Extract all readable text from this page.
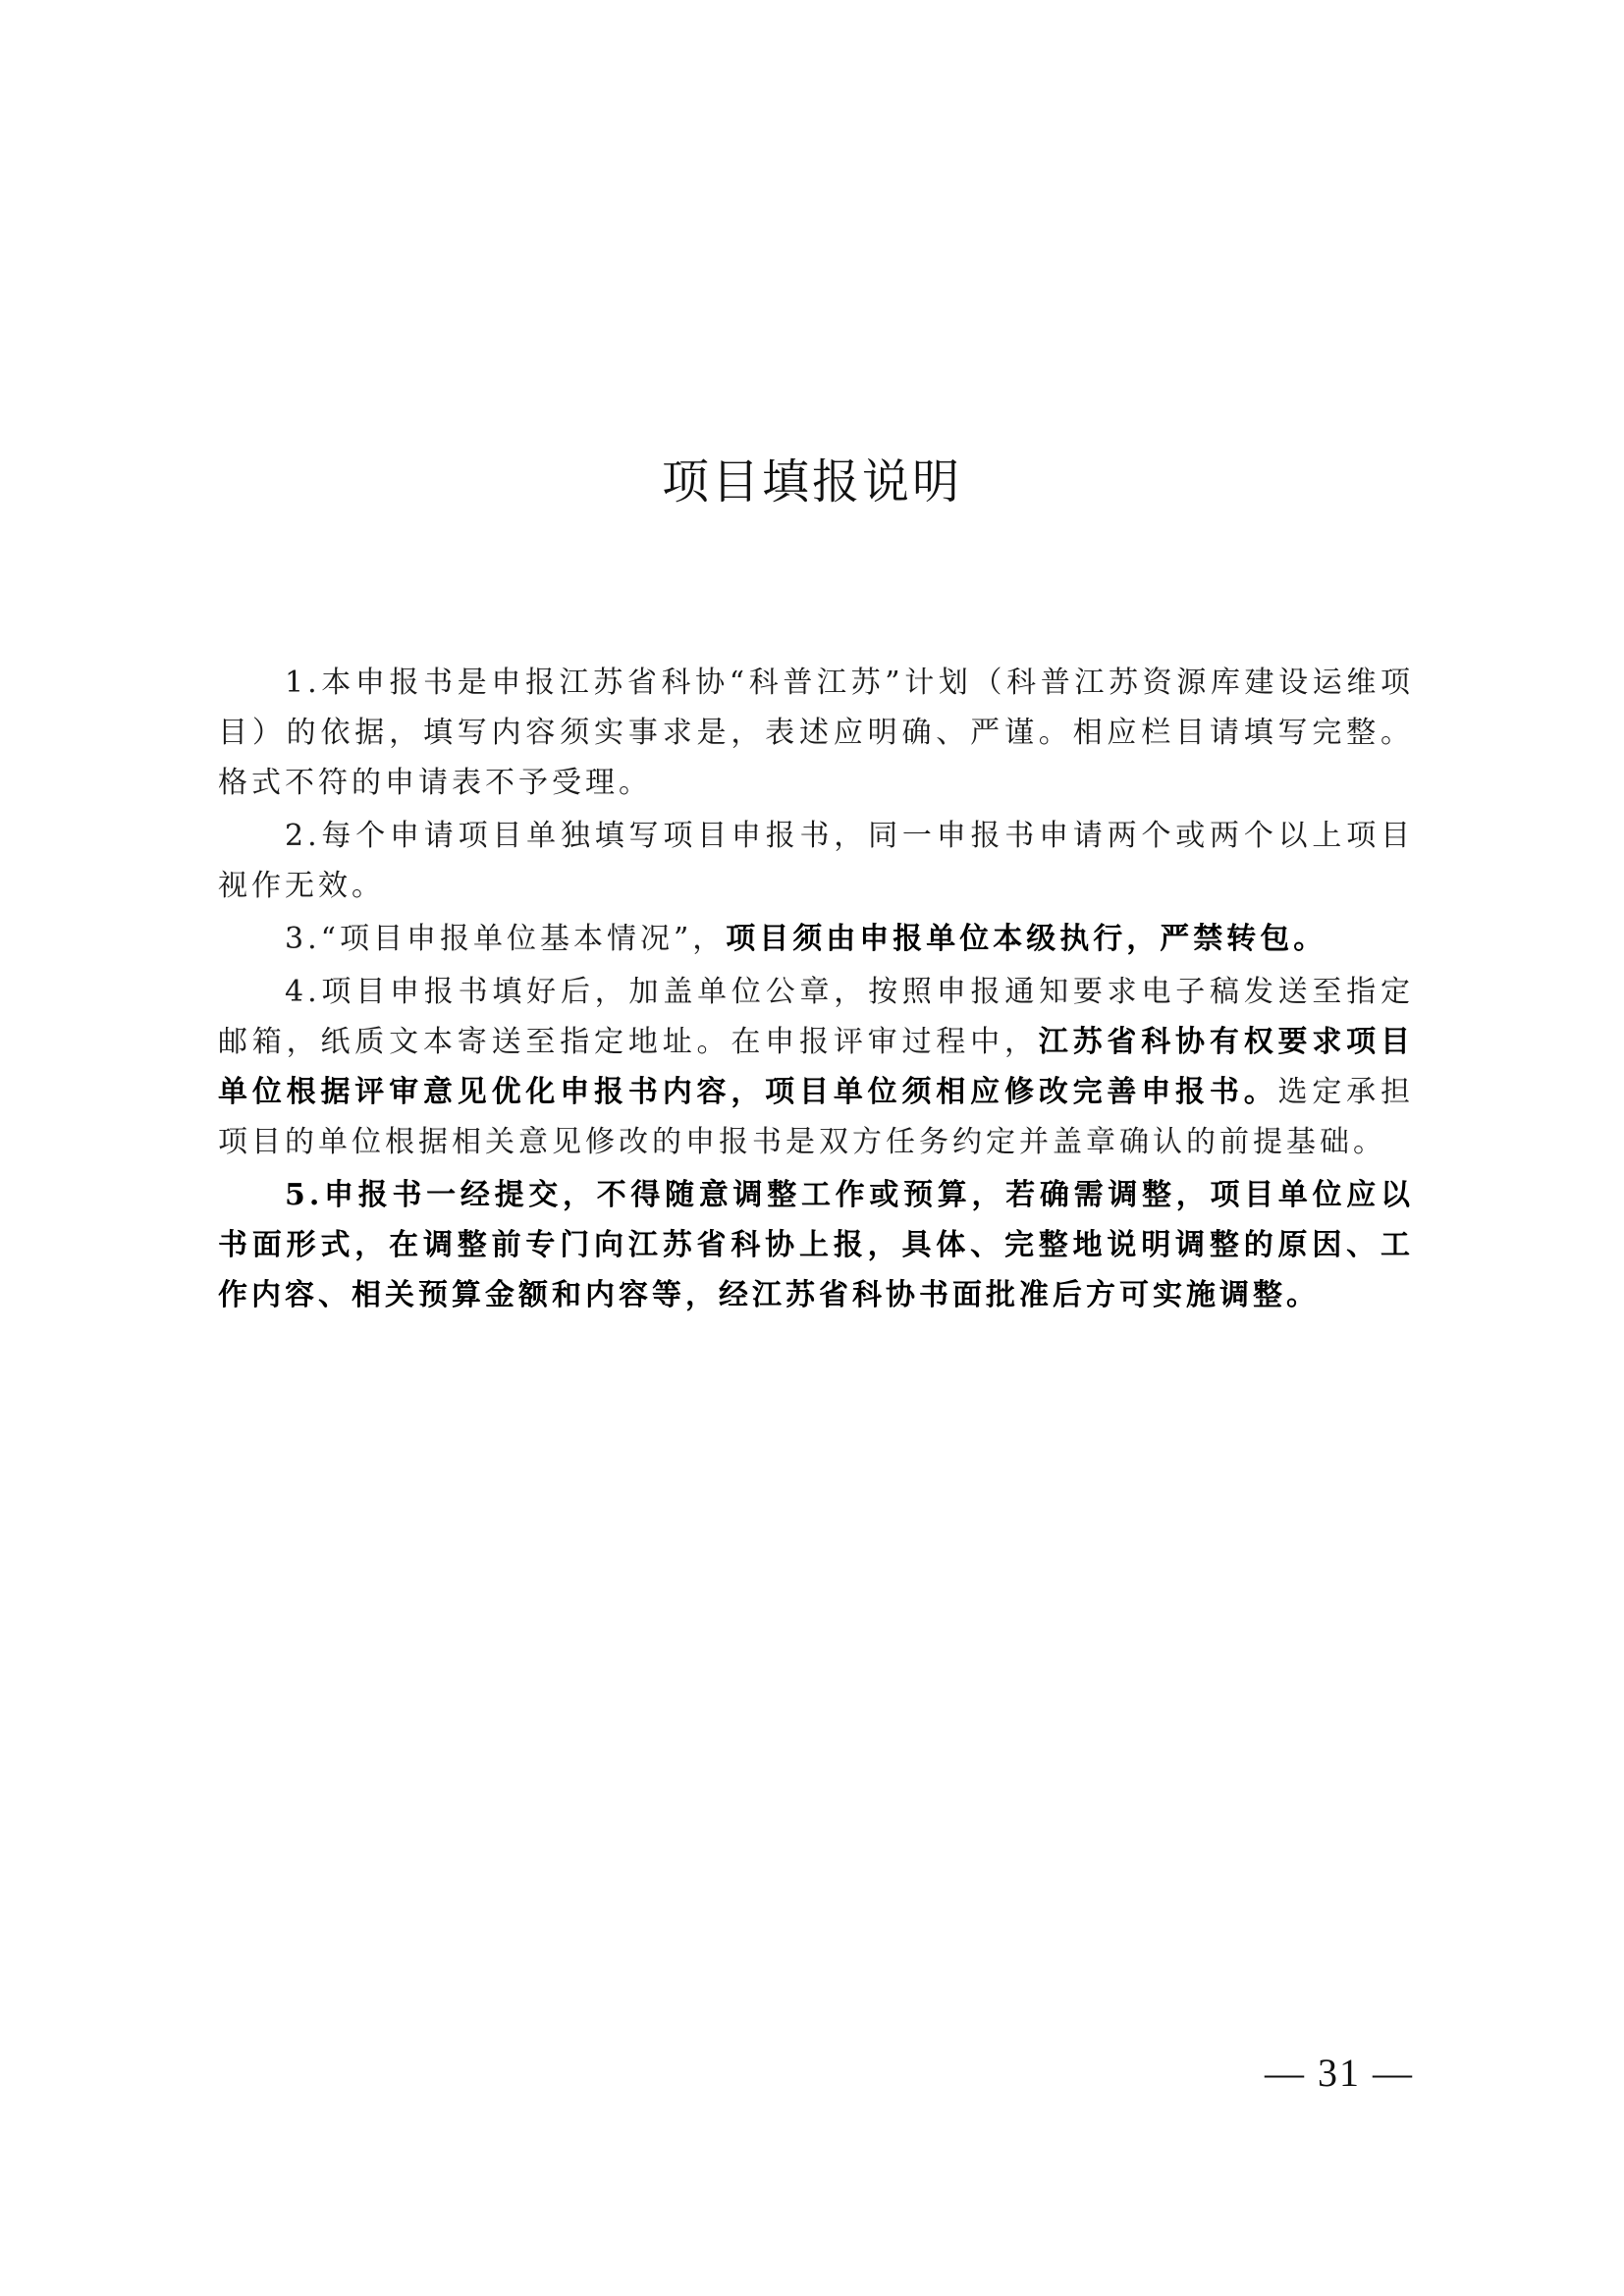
项目填报说明

1.本申报书是申报江苏省科协“科普江苏”计划（科普江苏资源库建设运维项目）的依据，填写内容须实事求是，表述应明确、严谨。相应栏目请填写完整。格式不符的申请表不予受理。

2.每个申请项目单独填写项目申报书，同一申报书申请两个或两个以上项目视作无效。

3.“项目申报单位基本情况”，项目须由申报单位本级执行，严禁转包。

4.项目申报书填好后，加盖单位公章，按照申报通知要求电子稿发送至指定邮箱，纸质文本寄送至指定地址。在申报评审过程中，江苏省科协有权要求项目单位根据评审意见优化申报书内容，项目单位须相应修改完善申报书。选定承担项目的单位根据相关意见修改的申报书是双方任务约定并盖章确认的前提基础。

5.申报书一经提交，不得随意调整工作或预算，若确需调整，项目单位应以书面形式，在调整前专门向江苏省科协上报，具体、完整地说明调整的原因、工作内容、相关预算金额和内容等，经江苏省科协书面批准后方可实施调整。

— 31 —
